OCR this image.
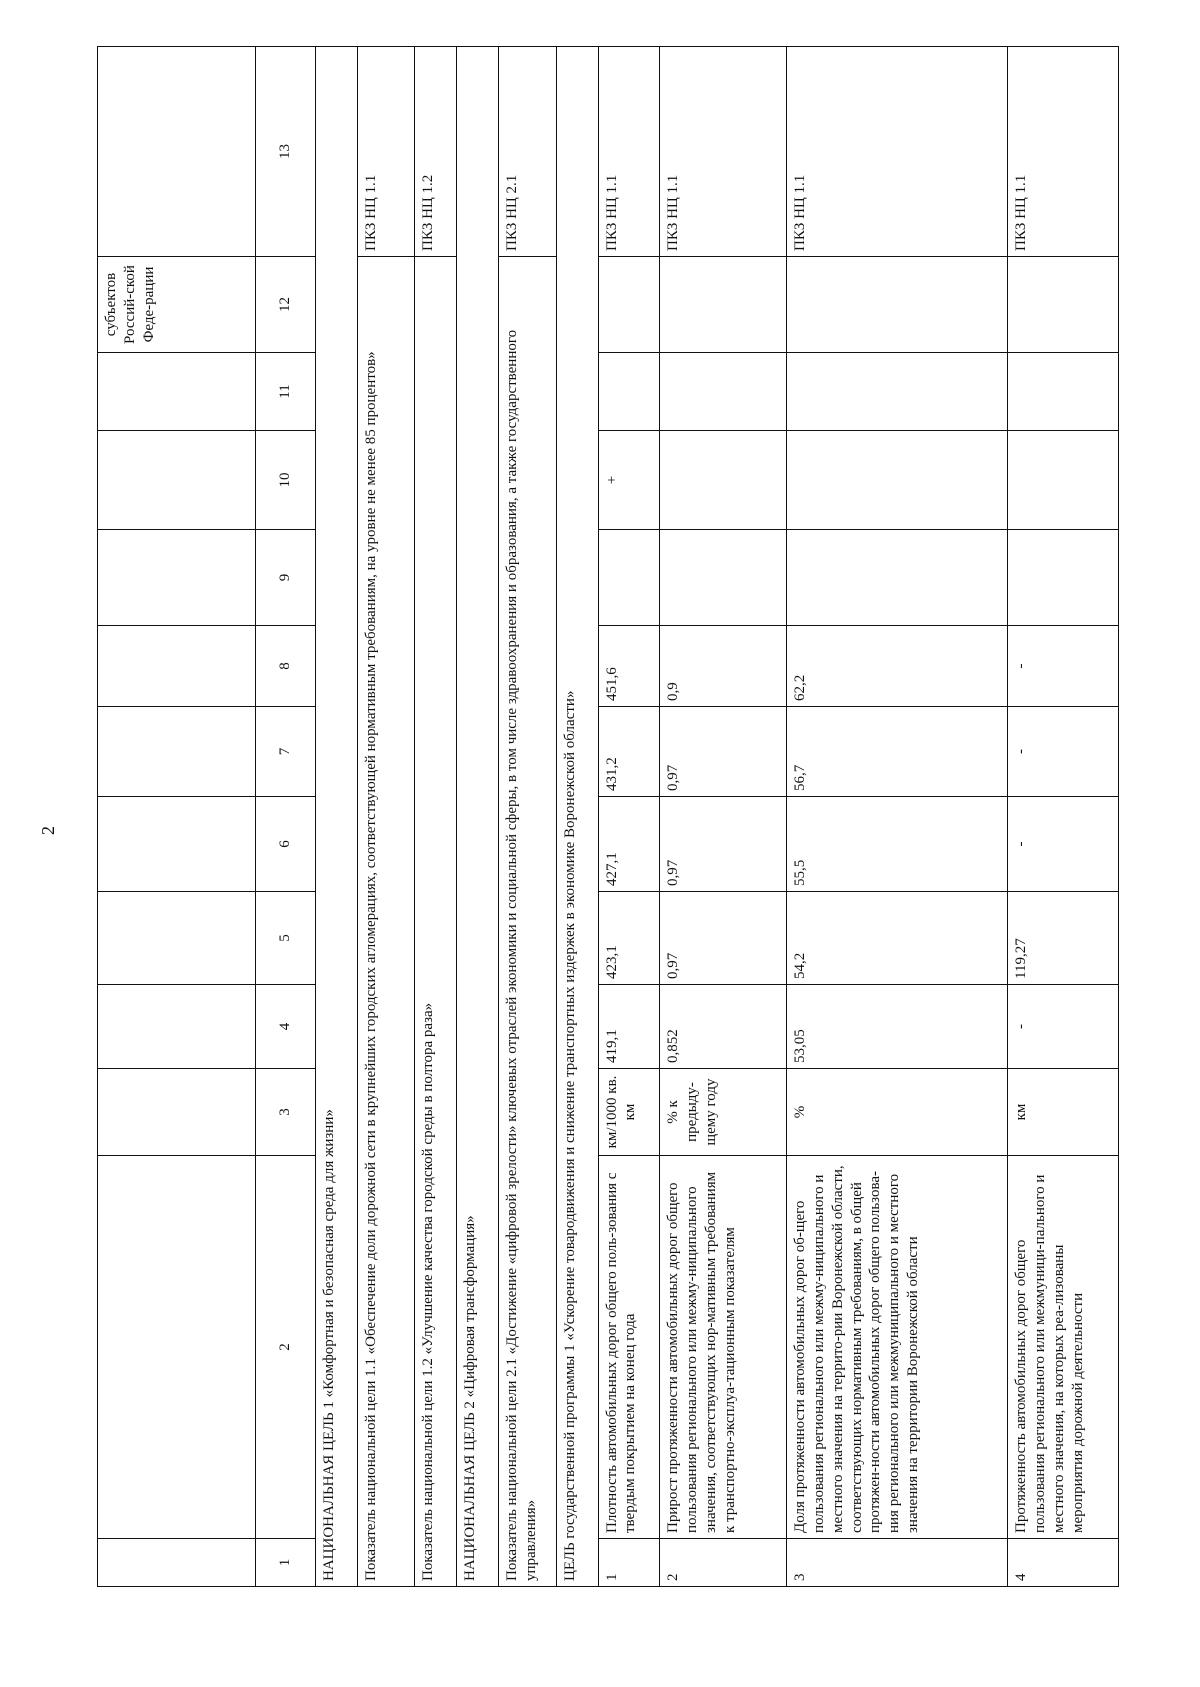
2
											субъектов Россий-ской Феде-рации	
1	2	3	4	5	6	7	8	9	10	11	12	13
НАЦИОНАЛЬНАЯ ЦЕЛЬ 1 «Комфортная и безопасная среда для жизни»												
Показатель национальной цели 1.1 «Обеспечение доли дорожной сети в крупнейших городских агломерациях, соответствующей нормативным требованиям, на уровне не менее 85 процентов»												ПКЗ НЦ 1.1
Показатель национальной цели 1.2 «Улучшение качества городской среды в полтора раза»												ПКЗ НЦ 1.2
НАЦИОНАЛЬНАЯ ЦЕЛЬ 2 «Цифровая трансформация»												
Показатель национальной цели 2.1 «Достижение «цифровой зрелости» ключевых отраслей экономики и социальной сферы, в том числе здравоохранения и образования, а также государственного управления»												ПКЗ НЦ 2.1
ЦЕЛЬ государственной программы 1 «Ускорение товародвижения и снижение транспортных издержек в экономике Воронежской области»												
1	Плотность автомобильных дорог общего поль-зования с твердым покрытием на конец года	км/1000 кв. км	419,1	423,1	427,1	431,2	451,6		+			ПКЗ НЦ 1.1
2	Прирост протяженности автомобильных дорог общего пользования регионального или межму-ниципального значения, соответствующих нор-мативным требованиям к транспортно-эксплуа-тационным показателям	% к предыду-щему году	0,852	0,97	0,97	0,97	0,9					ПКЗ НЦ 1.1
3	Доля протяженности автомобильных дорог об-щего пользования регионального или межму-ниципального и местного значения на террито-рии Воронежской области, соответствующих нормативным требованиям, в общей протяжен-ности автомобильных дорог общего пользова-ния регионального или межмуниципального и местного значения на территории Воронежской области	%	53,05	54,2	55,5	56,7	62,2					ПКЗ НЦ 1.1
4	Протяженность автомобильных дорог общего пользования регионального или межмуници-пального и местного значения, на которых реа-лизованы мероприятия дорожной деятельности	км	-	119,27	-	-	-					ПКЗ НЦ 1.1
